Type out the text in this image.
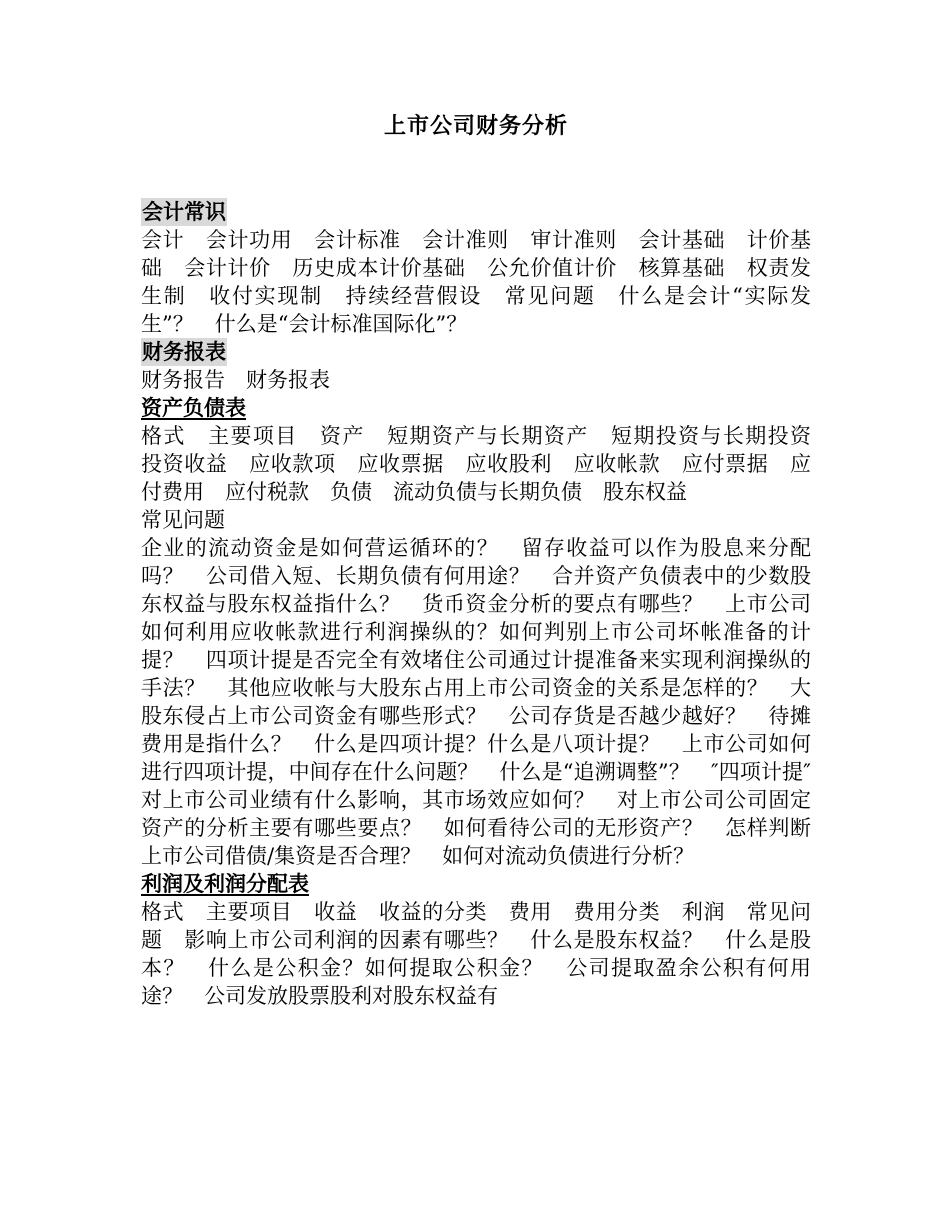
上市公司财务分析
会计常识

会计　会计功用　会计标准　会计准则　审计准则　会计基础　计价基础　会计计价　历史成本计价基础　公允价值计价　核算基础　权责发生制　收付实现制　持续经营假设　常见问题　什么是会计“实际发生”？　什么是“会计标准国际化”？

财务报表

财务报告　财务报表

资产负债表

格式　主要项目　资产　短期资产与长期资产　短期投资与长期投资　投资收益　应收款项　应收票据　应收股利　应收帐款　应付票据　应付费用　应付税款　负债　流动负债与长期负债　股东权益

常见问题

企业的流动资金是如何营运循环的？　留存收益可以作为股息来分配吗？　公司借入短、长期负债有何用途？　合并资产负债表中的少数股东权益与股东权益指什么？　货币资金分析的要点有哪些？　上市公司如何利用应收帐款进行利润操纵的？如何判别上市公司坏帐准备的计提？　四项计提是否完全有效堵住公司通过计提准备来实现利润操纵的手法？　其他应收帐与大股东占用上市公司资金的关系是怎样的？　大股东侵占上市公司资金有哪些形式？　公司存货是否越少越好？　待摊费用是指什么？　什么是四项计提？什么是八项计提？　上市公司如何进行四项计提，中间存在什么问题？　什么是“追溯调整”？　″四项计提″对上市公司业绩有什么影响，其市场效应如何？　对上市公司公司固定资产的分析主要有哪些要点？　如何看待公司的无形资产？　怎样判断上市公司借债/集资是否合理？　如何对流动负债进行分析？

利润及利润分配表

格式　主要项目　收益　收益的分类　费用　费用分类　利润　常见问题　影响上市公司利润的因素有哪些？　什么是股东权益？　什么是股本？　什么是公积金？如何提取公积金？　公司提取盈余公积有何用途？　公司发放股票股利对股东权益有
